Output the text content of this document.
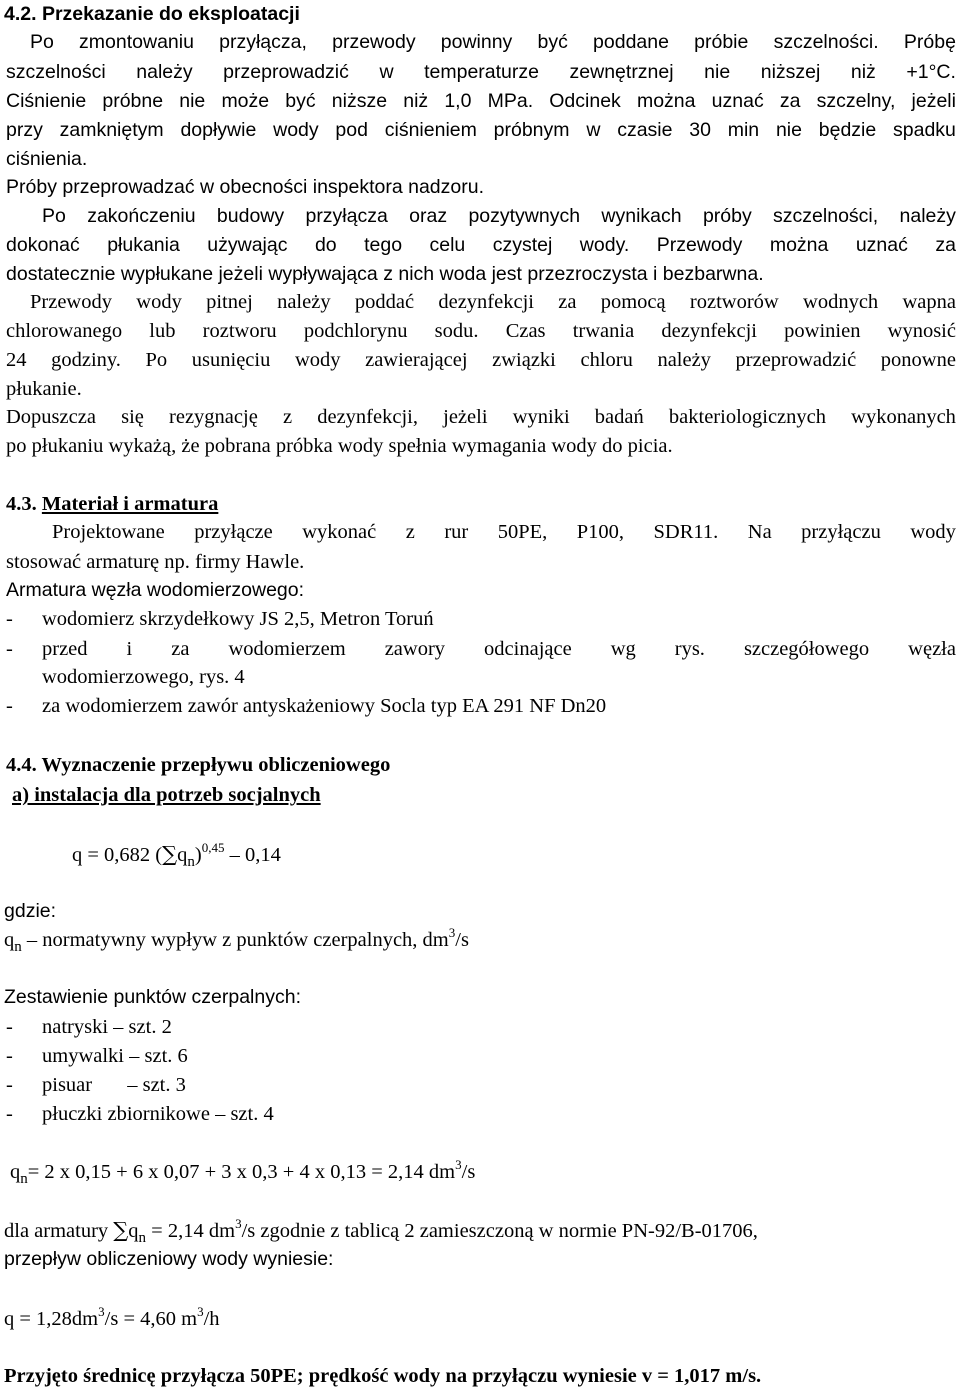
4.2. Przekazanie do eksploatacji
Po zmontowaniu przyłącza, przewody powinny być poddane próbie szczelności. Próbę
szczelności należy przeprowadzić w temperaturze zewnętrznej nie niższej niż +1°C.
Ciśnienie próbne nie może być niższe niż 1,0 MPa. Odcinek można uznać za szczelny, jeżeli
przy zamkniętym dopływie wody pod ciśnieniem próbnym w czasie 30 min nie będzie spadku
ciśnienia.
Próby przeprowadzać w obecności inspektora nadzoru.
Po zakończeniu budowy przyłącza oraz pozytywnych wynikach próby szczelności, należy
dokonać płukania używając do tego celu czystej wody. Przewody można uznać za
dostatecznie wypłukane jeżeli wypływająca z nich woda jest przezroczysta i bezbarwna.
Przewody wody pitnej należy poddać dezynfekcji za pomocą roztworów wodnych wapna
chlorowanego lub roztworu podchlorynu sodu. Czas trwania dezynfekcji powinien wynosić
24 godziny. Po usunięciu wody zawierającej związki chloru należy przeprowadzić ponowne
płukanie.
Dopuszcza się rezygnację z dezynfekcji, jeżeli wyniki badań bakteriologicznych wykonanych
po płukaniu wykażą, że pobrana próbka wody spełnia wymagania wody do picia.
4.3. Materiał i armatura
Projektowane przyłącze wykonać z rur 50PE, P100, SDR11. Na przyłączu wody
stosować armaturę np. firmy Hawle.
Armatura węzła wodomierzowego:
- wodomierz skrzydełkowy JS 2,5, Metron Toruń
- przed i za wodomierzem zawory odcinające wg rys. szczegółowego węzła
wodomierzowego, rys. 4
- za wodomierzem zawór antyskażeniowy Socla typ EA 291 NF Dn20
4.4. Wyznaczenie przepływu obliczeniowego
a) instalacja dla potrzeb socjalnych
q = 0,682 $(\sum q_n)^{0,45} - 0,14$
gdzie:
$q_n$ – normatywny wypływ z punktów czerpalnych, $dm^3/s$
Zestawienie punktów czerpalnych:
- natryski – szt. 2
- umywalki – szt. 6
- pisuar – szt. 3
- płuczki zbiornikowe – szt. 4
$q_n= 2$ x 0,15 + 6 x 0,07 + 3 x 0,3 + 4 x 0,13 = 2,14 $dm^3/s$
dla armatury $\sum q_n = 2,14$ $dm^3/s$ zgodnie z tablicą 2 zamieszczoną w normie PN-92/B-01706,
przepływ obliczeniowy wody wyniesie:
$q = 1,28dm^3/s = 4,60$ $m^3/h$
Przyjęto średnicę przyłącza 50PE; prędkość wody na przyłączu wyniesie v = 1,017 m/s.
